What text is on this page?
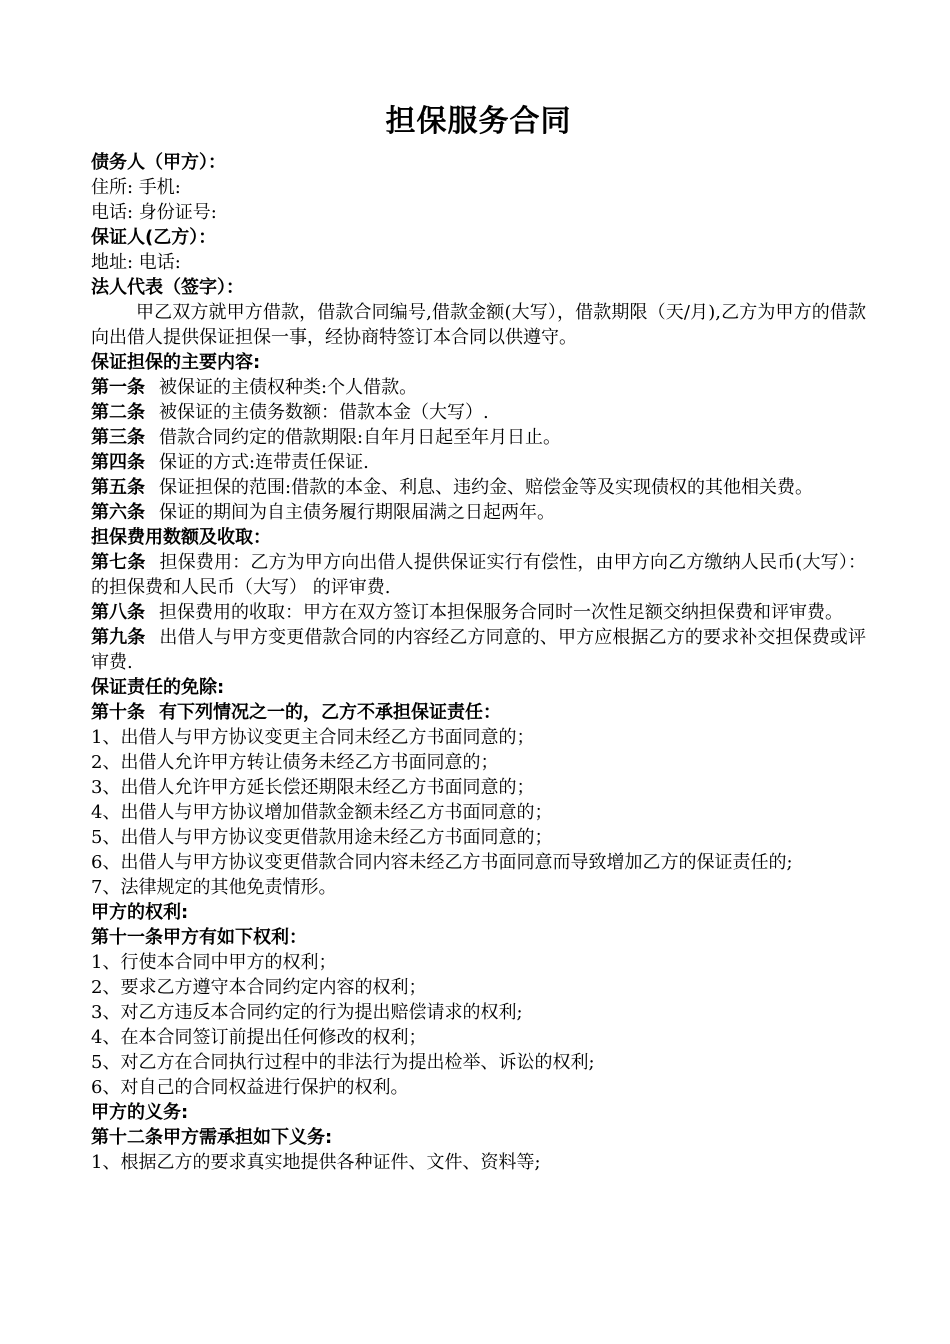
担保服务合同
债务人（甲方）：
住所: 手机:
电话: 身份证号:
保证人(乙方）：
地址: 电话:
法人代表（签字）：
甲乙双方就甲方借款，借款合同编号,借款金额(大写），借款期限（天/月),乙方为甲方的借款向出借人提供保证担保一事，经协商特签订本合同以供遵守。
保证担保的主要内容:
第一条 被保证的主债权种类:个人借款。
第二条 被保证的主债务数额：借款本金（大写）.
第三条 借款合同约定的借款期限:自年月日起至年月日止。
第四条 保证的方式:连带责任保证.
第五条 保证担保的范围:借款的本金、利息、违约金、赔偿金等及实现债权的其他相关费。
第六条 保证的期间为自主债务履行期限届满之日起两年。
担保费用数额及收取：
第七条 担保费用：乙方为甲方向出借人提供保证实行有偿性，由甲方向乙方缴纳人民币(大写）： 的担保费和人民币（大写） 的评审费.
第八条 担保费用的收取：甲方在双方签订本担保服务合同时一次性足额交纳担保费和评审费。
第九条 出借人与甲方变更借款合同的内容经乙方同意的、甲方应根据乙方的要求补交担保费或评审费.
保证责任的免除:
第十条 有下列情况之一的，乙方不承担保证责任：
1、出借人与甲方协议变更主合同未经乙方书面同意的；
2、出借人允许甲方转让债务未经乙方书面同意的；
3、出借人允许甲方延长偿还期限未经乙方书面同意的；
4、出借人与甲方协议增加借款金额未经乙方书面同意的；
5、出借人与甲方协议变更借款用途未经乙方书面同意的；
6、出借人与甲方协议变更借款合同内容未经乙方书面同意而导致增加乙方的保证责任的;
7、法律规定的其他免责情形。
甲方的权利:
第十一条甲方有如下权利：
1、行使本合同中甲方的权利；
2、要求乙方遵守本合同约定内容的权利；
3、对乙方违反本合同约定的行为提出赔偿请求的权利;
4、在本合同签订前提出任何修改的权利；
5、对乙方在合同执行过程中的非法行为提出检举、诉讼的权利;
6、对自己的合同权益进行保护的权利。
甲方的义务:
第十二条甲方需承担如下义务:
1、根据乙方的要求真实地提供各种证件、文件、资料等;
